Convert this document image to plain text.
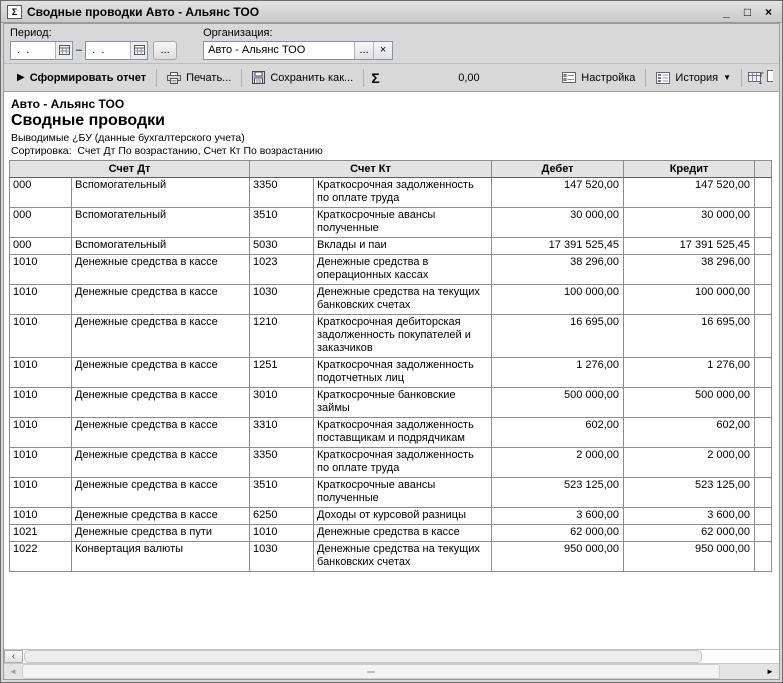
Σ Сводные проводки Авто - Альянс ТОО	_	□	×
Период:
. .
–
. .	...
Организация:
Авто - Альянс ТОО
...	×
▶ Сформировать отчет	Печать...	Сохранить как... Σ	0,00	Настройка	История ▼
Авто - Альянс ТОО
Сводные проводки
Выводимые ¿БУ (данные бухгалтерского учета)
Сортировка:  Счет Дт По возрастанию, Счет Кт По возрастанию
Счет Дт		Счет Кт		Дебет	Кредит	
000	Вспомогательный	3350	Краткосрочная задолженность по оплате труда	147 520,00	147 520,00	
000	Вспомогательный	3510	Краткосрочные авансы полученные	30 000,00	30 000,00	
000	Вспомогательный	5030	Вклады и паи	17 391 525,45	17 391 525,45	
1010	Денежные средства в кассе	1023	Денежные средства в операционных кассах	38 296,00	38 296,00	
1010	Денежные средства в кассе	1030	Денежные средства на текущих банковских счетах	100 000,00	100 000,00	
1010	Денежные средства в кассе	1210	Краткосрочная дебиторская задолженность покупателей и заказчиков	16 695,00	16 695,00	
1010	Денежные средства в кассе	1251	Краткосрочная задолженность подотчетных лиц	1 276,00	1 276,00	
1010	Денежные средства в кассе	3010	Краткосрочные банковские займы	500 000,00	500 000,00	
1010	Денежные средства в кассе	3310	Краткосрочная задолженность поставщикам и подрядчикам	602,00	602,00	
1010	Денежные средства в кассе	3350	Краткосрочная задолженность по оплате труда	2 000,00	2 000,00	
1010	Денежные средства в кассе	3510	Краткосрочные авансы полученные	523 125,00	523 125,00	
1010	Денежные средства в кассе	6250	Доходы от курсовой разницы	3 600,00	3 600,00	
1021	Денежные средства в пути	1010	Денежные средства в кассе	62 000,00	62 000,00	
1022	Конвертация валюты	1030	Денежные средства на текущих банковских счетах	950 000,00	950 000,00	
‹
◄	►
